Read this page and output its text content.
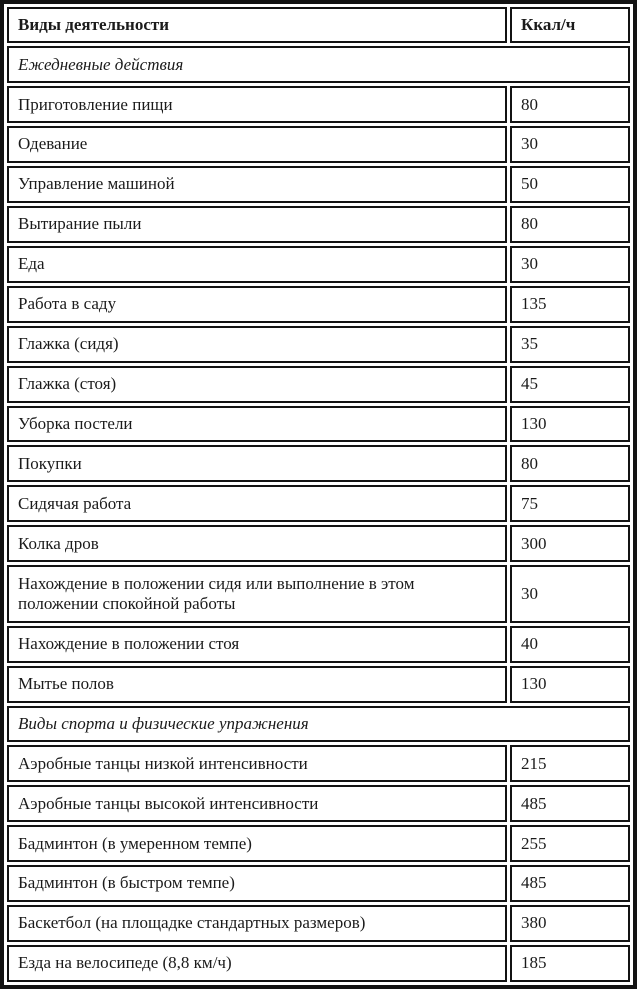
Виды деятельности	Ккал/ч
Ежедневные действия	
Приготовление пищи	80
Одевание	30
Управление машиной	50
Вытирание пыли	80
Еда	30
Работа в саду	135
Глажка (сидя)	35
Глажка (стоя)	45
Уборка постели	130
Покупки	80
Сидячая работа	75
Колка дров	300
Нахождение в положении сидя или выполнение в этом положении спокойной работы	30
Нахождение в положении стоя	40
Мытье полов	130
Виды спорта и физические упражнения	
Аэробные танцы низкой интенсивности	215
Аэробные танцы высокой интенсивности	485
Бадминтон (в умеренном темпе)	255
Бадминтон (в быстром темпе)	485
Баскетбол (на площадке стандартных размеров)	380
Езда на велосипеде (8,8 км/ч)	185
